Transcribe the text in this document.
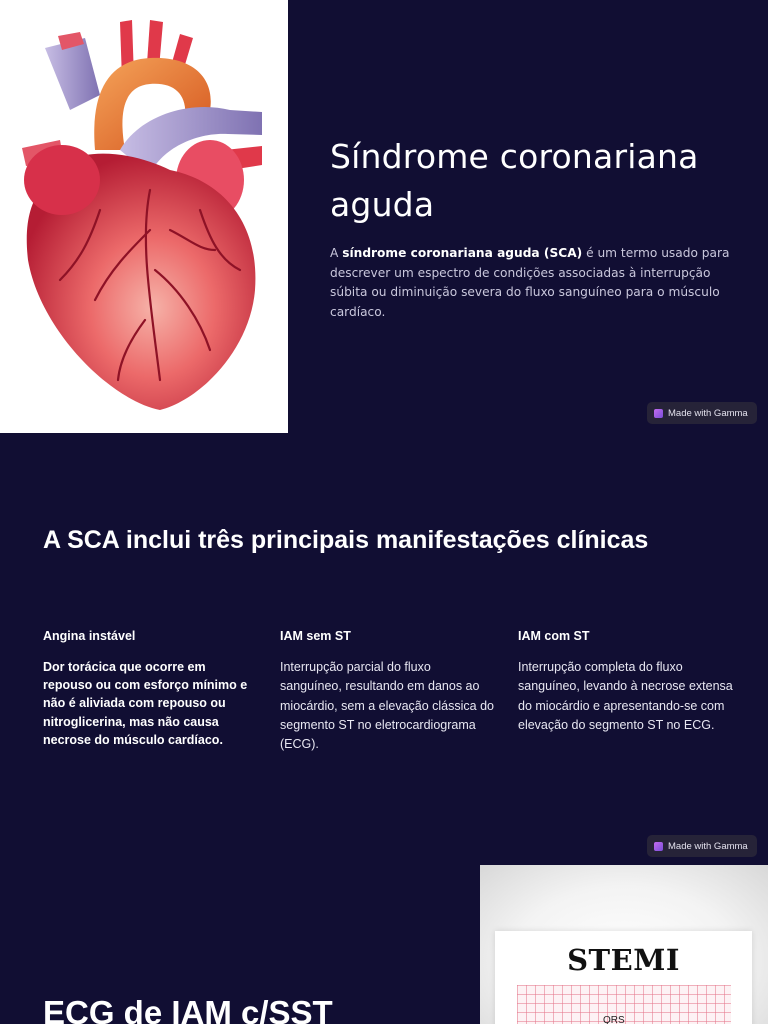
Síndrome coronariana aguda

A síndrome coronariana aguda (SCA) é um termo usado para descrever um espectro de condições associadas à interrupção súbita ou diminuição severa do fluxo sanguíneo para o músculo cardíaco.

Made with Gamma
A SCA inclui três principais manifestações clínicas
Angina instável
Dor torácica que ocorre em repouso ou com esforço mínimo e não é aliviada com repouso ou nitroglicerina, mas não causa necrose do músculo cardíaco.
IAM sem ST
Interrupção parcial do fluxo sanguíneo, resultando em danos ao miocárdio, sem a elevação clássica do segmento ST no eletrocardiograma (ECG).
IAM com ST
Interrupção completa do fluxo sanguíneo, levando à necrose extensa do miocárdio e apresentando-se com elevação do segmento ST no ECG.
Made with Gamma
ECG de IAM c/SST
STEMI
QRS
